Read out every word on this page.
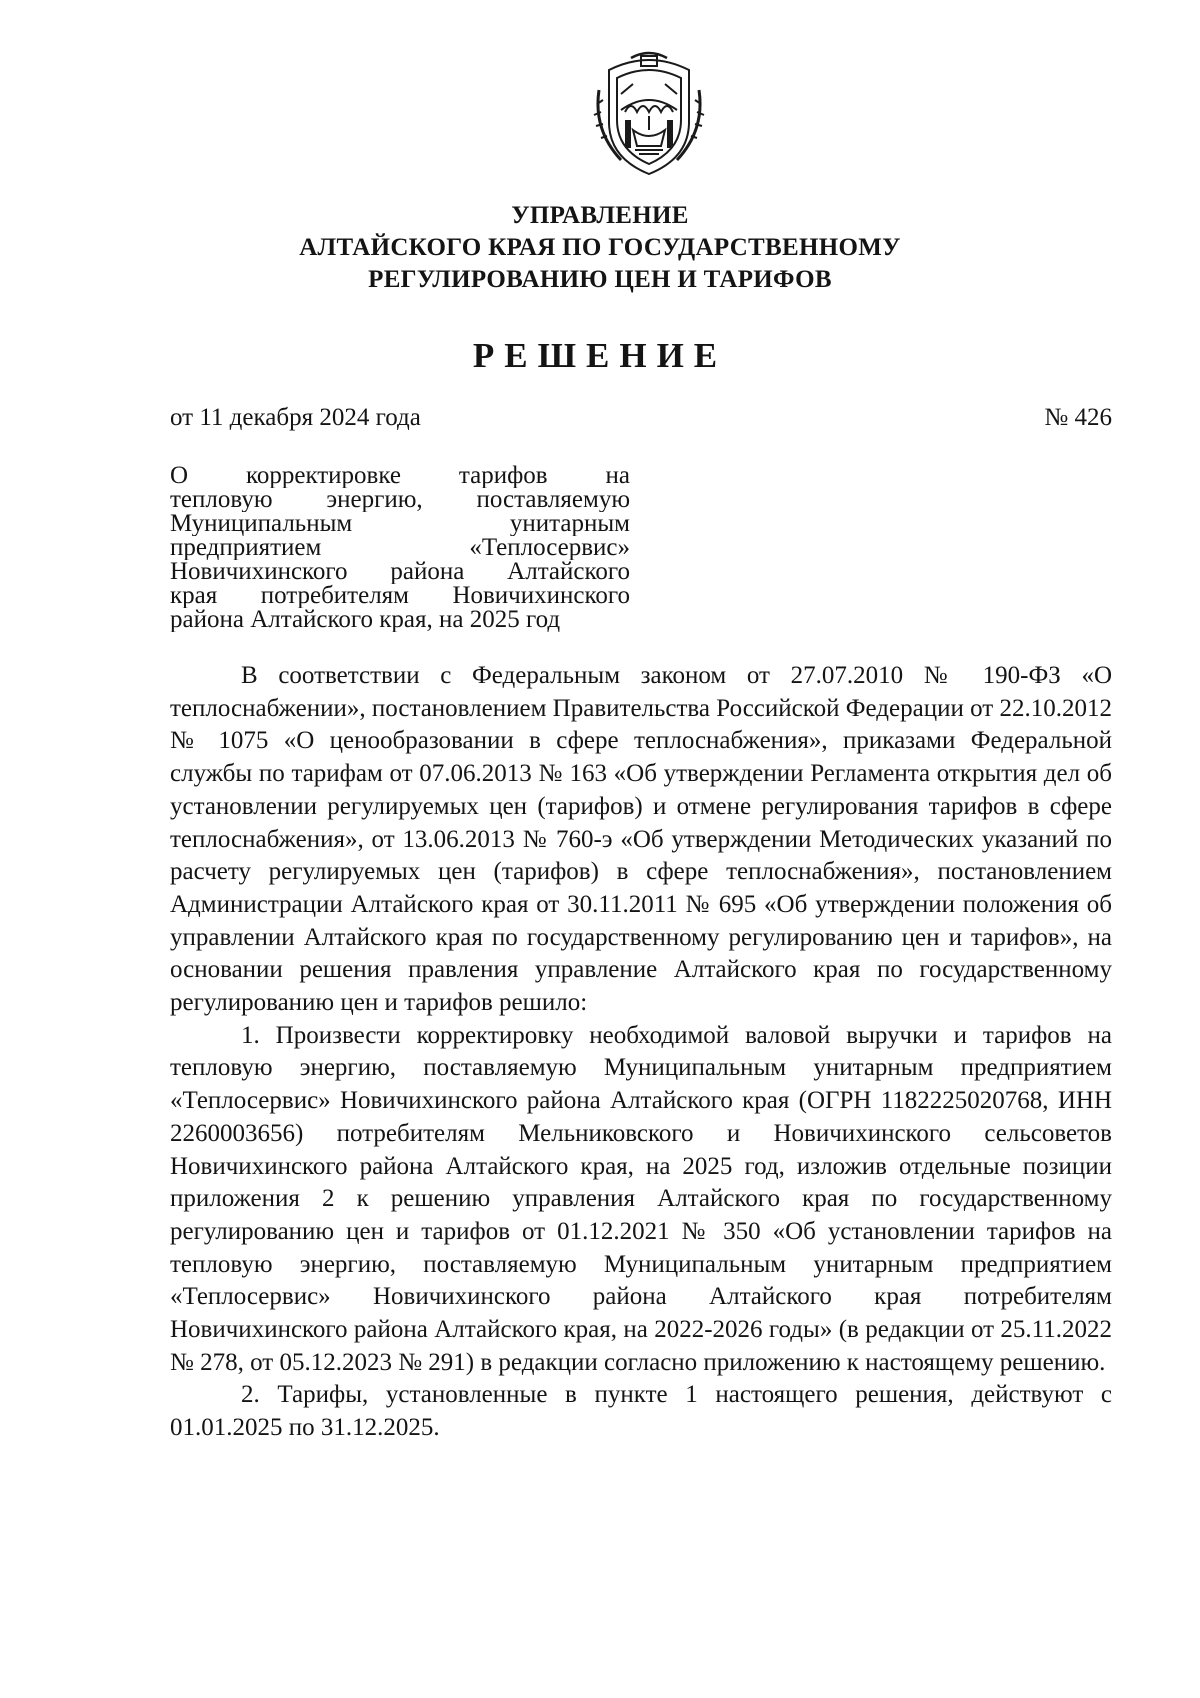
УПРАВЛЕНИЕ
АЛТАЙСКОГО КРАЯ ПО ГОСУДАРСТВЕННОМУ
РЕГУЛИРОВАНИЮ ЦЕН И ТАРИФОВ
РЕШЕНИЕ
от 11 декабря 2024 года	№ 426
О корректировке тарифов на
тепловую энергию, поставляемую
Муниципальным унитарным
предприятием «Теплосервис»
Новичихинского района Алтайского
края потребителям Новичихинского
района Алтайского края, на 2025 год

В соответствии с Федеральным законом от 27.07.2010 № 190-ФЗ «О теплоснабжении», постановлением Правительства Российской Федерации от 22.10.2012 № 1075 «О ценообразовании в сфере теплоснабжения», приказами Федеральной службы по тарифам от 07.06.2013 № 163 «Об утверждении Регламента открытия дел об установлении регулируемых цен (тарифов) и отмене регулирования тарифов в сфере теплоснабжения», от 13.06.2013 № 760-э «Об утверждении Методических указаний по расчету регулируемых цен (тарифов) в сфере теплоснабжения», постановлением Администрации Алтайского края от 30.11.2011 № 695 «Об утверждении положения об управлении Алтайского края по государственному регулированию цен и тарифов», на основании решения правления управление Алтайского края по государственному регулированию цен и тарифов решило:

1. Произвести корректировку необходимой валовой выручки и тарифов на тепловую энергию, поставляемую Муниципальным унитарным предприятием «Теплосервис» Новичихинского района Алтайского края (ОГРН 1182225020768, ИНН 2260003656) потребителям Мельниковского и Новичихинского сельсоветов Новичихинского района Алтайского края, на 2025 год, изложив отдельные позиции приложения 2 к решению управления Алтайского края по государственному регулированию цен и тарифов от 01.12.2021 № 350 «Об установлении тарифов на тепловую энергию, поставляемую Муниципальным унитарным предприятием «Теплосервис» Новичихинского района Алтайского края потребителям Новичихинского района Алтайского края, на 2022-2026 годы» (в редакции от 25.11.2022 № 278, от 05.12.2023 № 291) в редакции согласно приложению к настоящему решению.

2. Тарифы, установленные в пункте 1 настоящего решения, действуют с 01.01.2025 по 31.12.2025.
